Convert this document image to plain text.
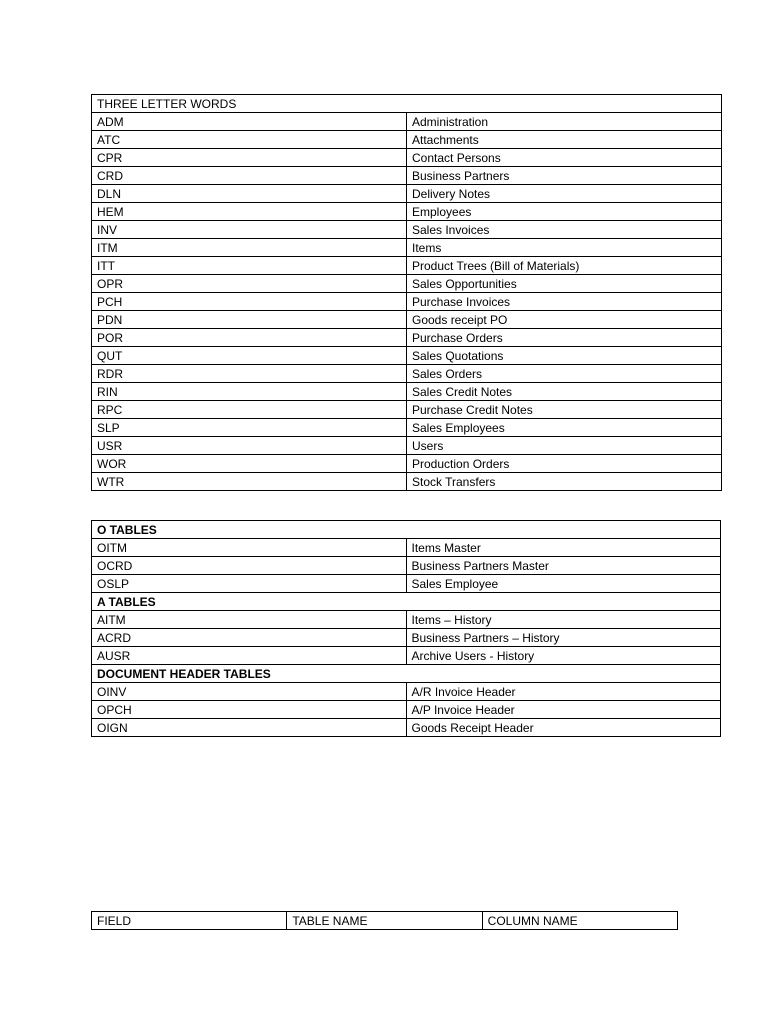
THREE LETTER WORDS	
ADM	Administration
ATC	Attachments
CPR	Contact Persons
CRD	Business Partners
DLN	Delivery Notes
HEM	Employees
INV	Sales Invoices
ITM	Items
ITT	Product Trees (Bill of Materials)
OPR	Sales Opportunities
PCH	Purchase Invoices
PDN	Goods receipt PO
POR	Purchase Orders
QUT	Sales Quotations
RDR	Sales Orders
RIN	Sales Credit Notes
RPC	Purchase Credit Notes
SLP	Sales Employees
USR	Users
WOR	Production Orders
WTR	Stock Transfers
O TABLES	
OITM	Items Master
OCRD	Business Partners Master
OSLP	Sales Employee
A TABLES	
AITM	Items – History
ACRD	Business Partners – History
AUSR	Archive Users - History
DOCUMENT HEADER TABLES	
OINV	A/R Invoice Header
OPCH	A/P Invoice Header
OIGN	Goods Receipt Header
FIELD	TABLE NAME	COLUMN NAME
